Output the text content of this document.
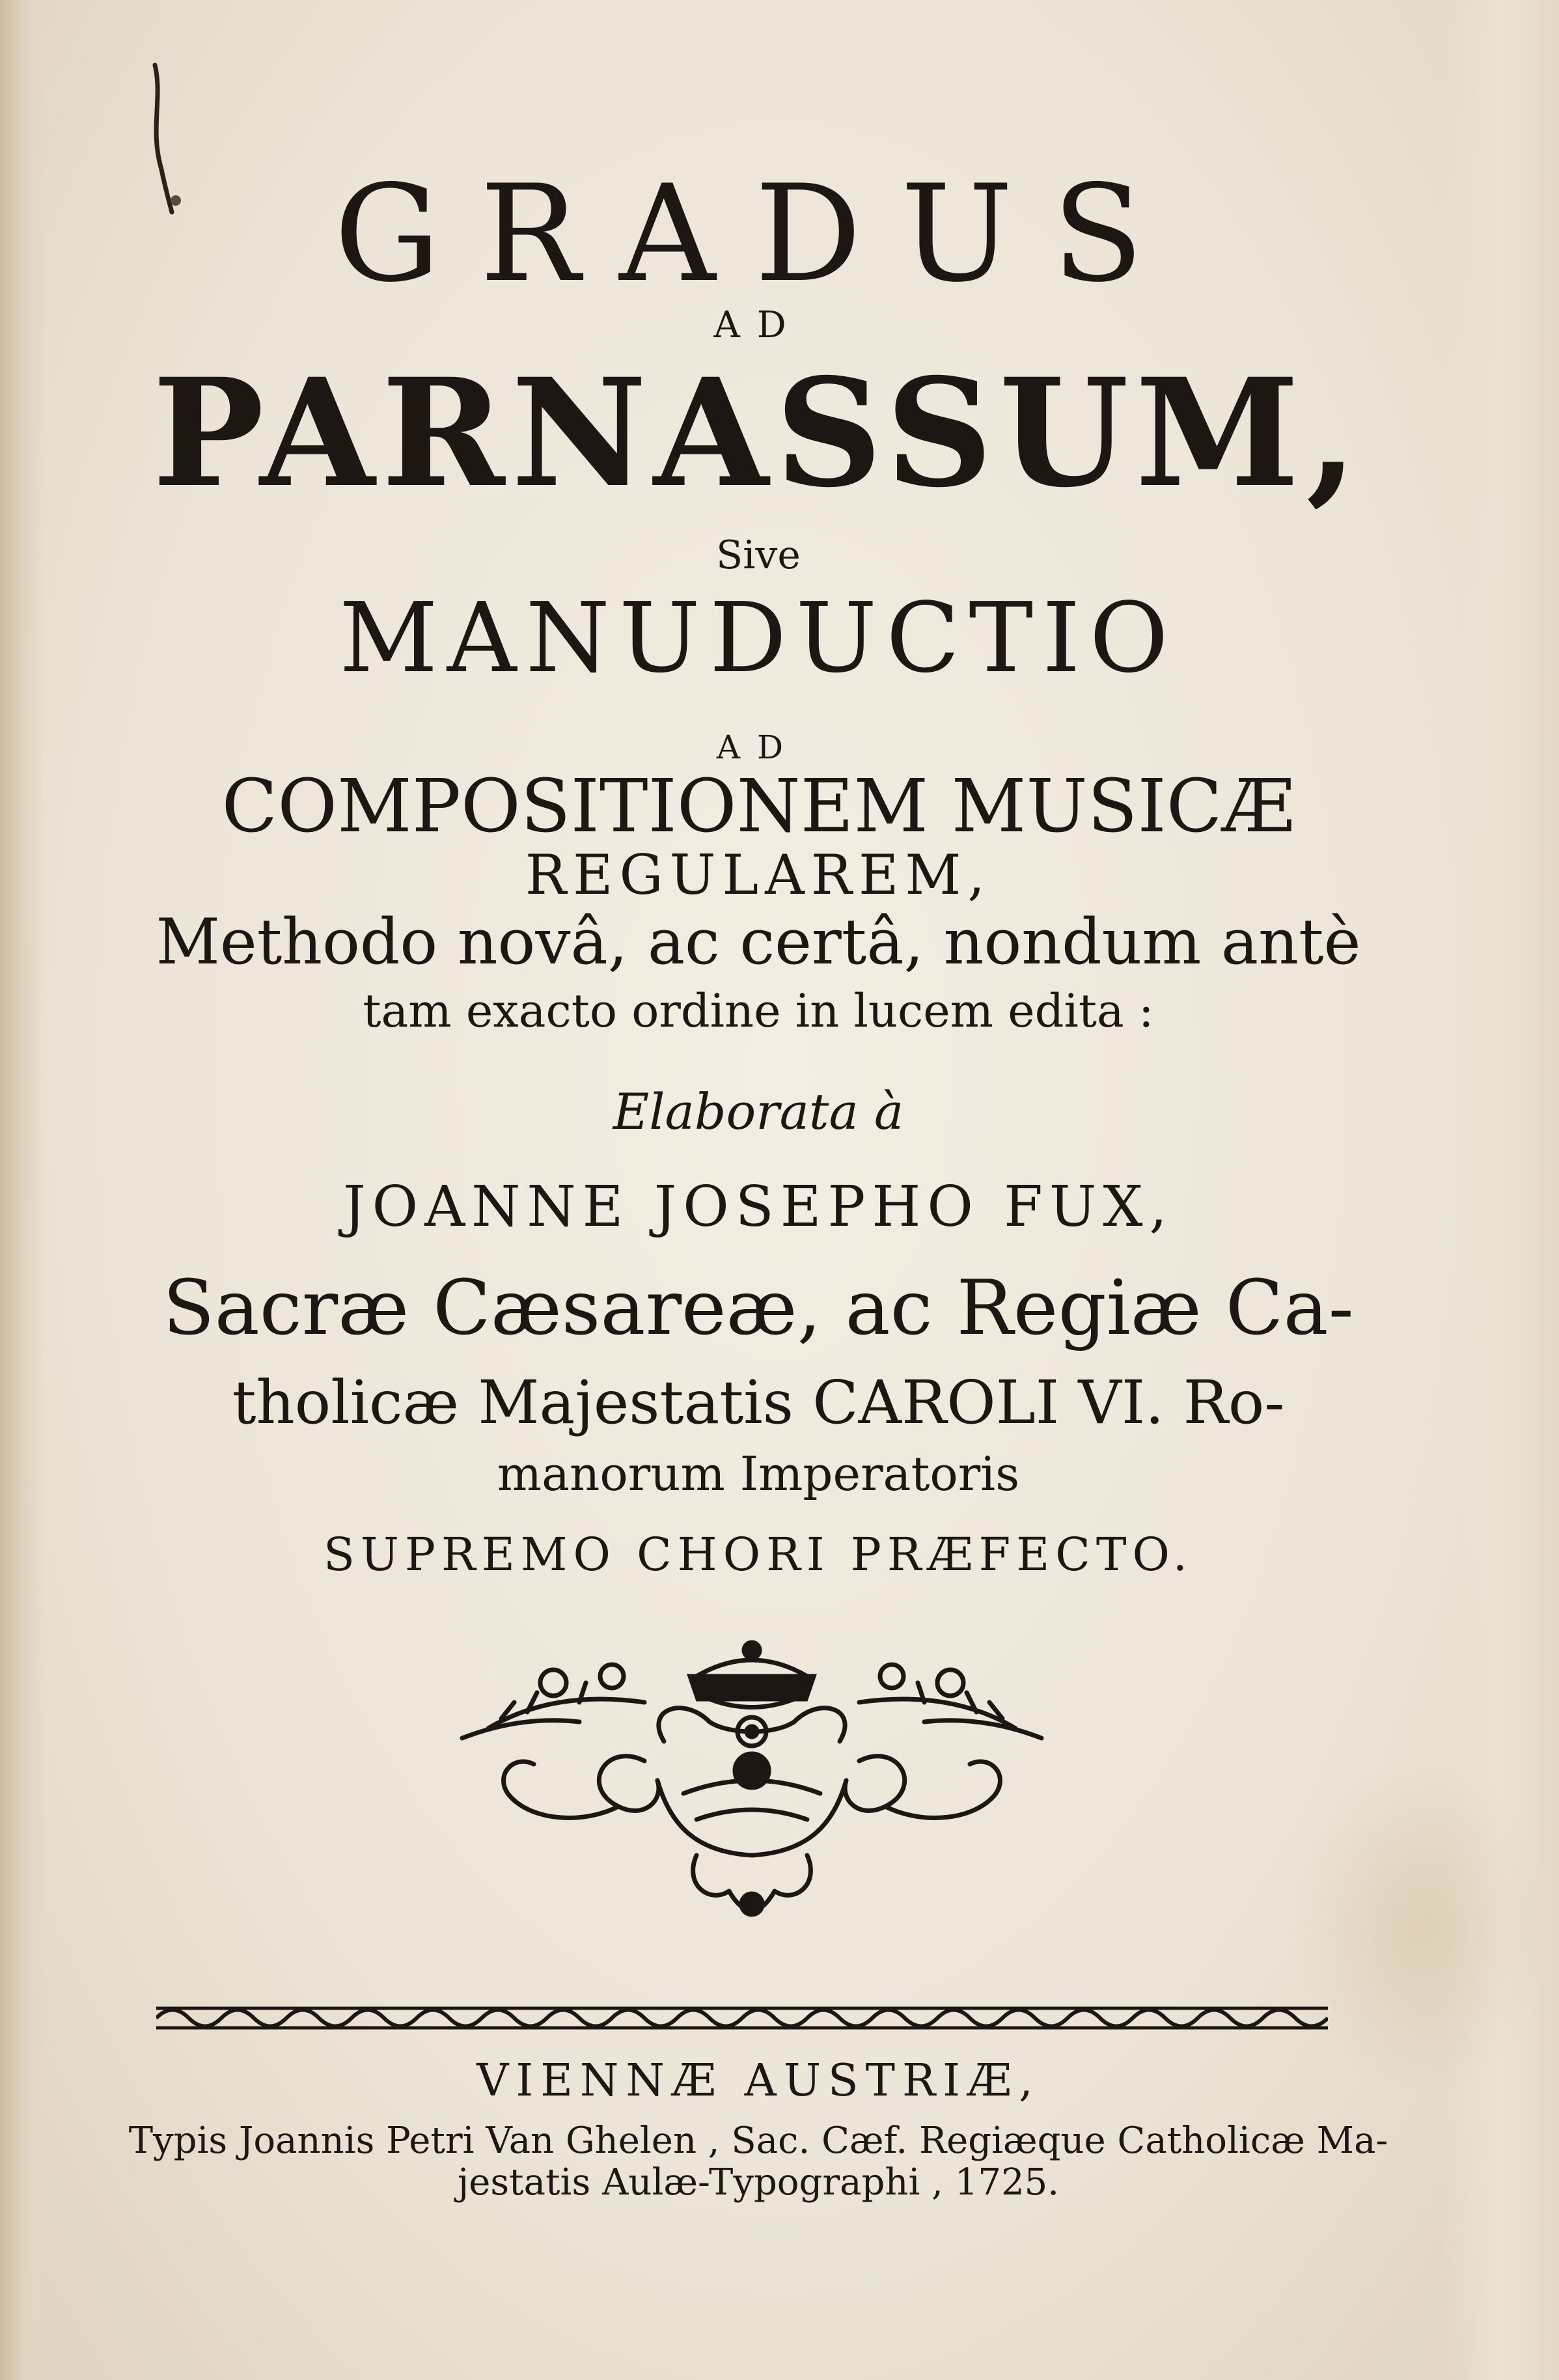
GRADUS
AD
PARNASSUM,
Sive
MANUDUCTIO
AD
COMPOSITIONEM MUSICÆ
REGULAREM,
Methodo novâ, ac certâ, nondum antè
tam exacto ordine in lucem edita :
Elaborata à
JOANNE JOSEPHO FUX,
Sacræ Cæsareæ, ac Regiæ Ca-
tholicæ Majestatis CAROLI VI. Ro-
manorum Imperatoris
SUPREMO CHORI PRÆFECTO.
VIENNÆ AUSTRIÆ,
Typis Joannis Petri Van Ghelen , Sac. Cæf. Regiæque Catholicæ Ma-
jestatis Aulæ-Typographi , 1725.
